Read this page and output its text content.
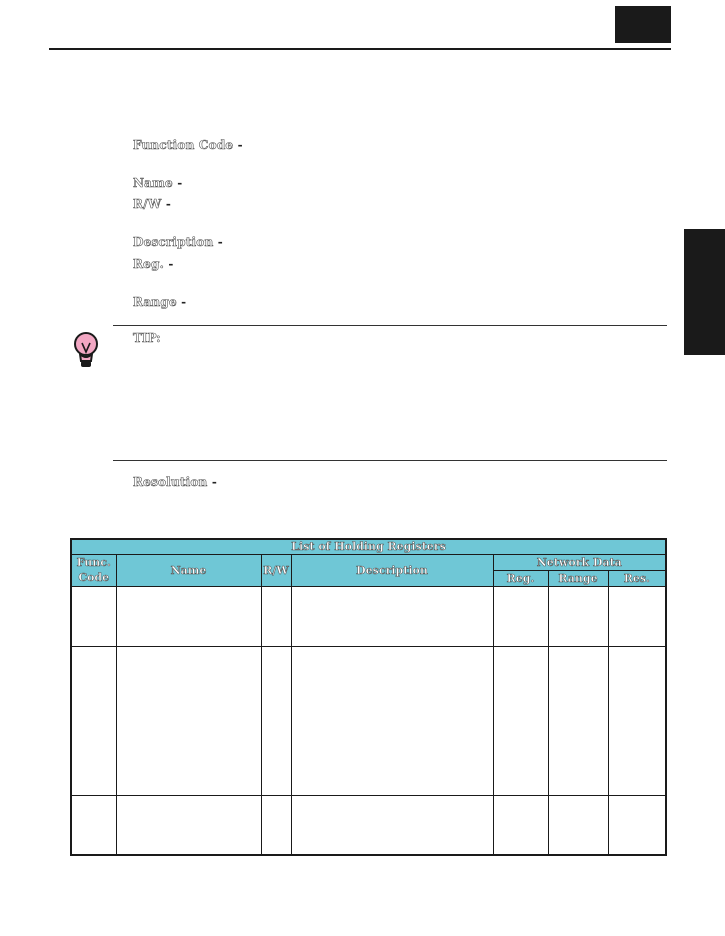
Function Code -
Name -
R/W -
Description -
Reg. -
Range -
TIP:
Resolution -
List of Holding Registers						
Func.	Name	R/W	Description	Network Data		
Code				Reg.	Range	Res.
